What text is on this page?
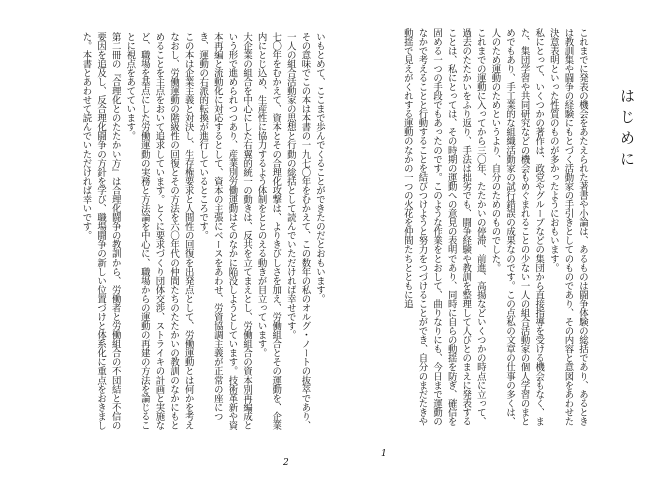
いもとめて、ここまで歩んでくることができたのだとおもいます。
その意味でこの本は本書の一九七〇年をむかえて、この数年の私のオルグ・ノートの抜萃であり、一人の組合活動家の思想と行動の総括として読んでいただければ幸せです。
七〇年をむかえて、資本とその合理化攻撃は、よりきびしさを加え、労働組合とその運動を、企業内にとじ込め、生産性に協力するよう体制をととのえる動きが目立っています。
大企業の組合を中心にした右翼的統一の動きは、反共を立てまえとし、労働組合の資本別再編成という形で進められつつあり、産業別労働運動はそのなかに陥没しようとしています。技術革新や資本再編と流動化に対応するとして、資本の主張にベースをあわせ、労資協調主義が正常の座につき、運動の右派的転換が進行しているところです。
この本は企業主義と対決し、生存権要求と人間性の回復を出発点として、労働運動とは何かを考えなおし、労働運動の階級性の回復とその方法を六〇年代の仲間たちのたたかいの教訓のなかにもとめることを主点をおいて追求しています。とくに要求づくり団体交渉、ストライキの計画と実施など、職場を基点にした労働運動の実務と方法論を中心に、職場からの運動の再建の方法を論じることに視点をあてています。
第二冊の『合理化とのたたかい方』は合理化闘争の教訓から、労働者と労働組合の不団結と不信の要因を追及し、反合理化闘争の方針を学び、職場闘争の新しい位置づけと体系化に重点をおきました。本書とあわせて読んでいただければ幸いです。
2
はじめに
これまでに発表の機会をあたえられた著書や小論は、あるものは闘争体験の総括であり、あるときは教訓集や闘争の経験にもとづく活動家の手引きとしてのものであり、その内容と意図をあわせた決意表明といった性質のものが多かったようにおもいます。
私にとって、いくつかの著作は、政党やグループなどの集団から直接指導を受ける機会もなく、また、集団学習や共同研究などの機会もめぐまれることの少ない一人の組合活動家の個人学習のまとめでもあり、手工業的な組織活動家の試行錯誤の成果なのです。この点私の文章の仕事の多くは、人のため運動のためというより、自分のためのものでした。
これまでの運動に入ってから三〇年、たたかいの停滞、前進、高揚などいくつかの時点に立って、過去のたたかいをふり返り、手法は拙劣でも、闘争経験や教訓を整理して人びとのまえに発表することは、私にとっては、その時期の運動への意見の表明であり、同時に自らの動揺を防ぎ、確信を固める一つの手段でもあったのです。このような作業をとおして、曲りなりにも、今日まで運動のなかで考えることと行動することを結びつけようと努力をつづけることができ、自分のまだたきや動揺で見えがくれする運動のなかの一つの火花を仲間たちとともに追
1
